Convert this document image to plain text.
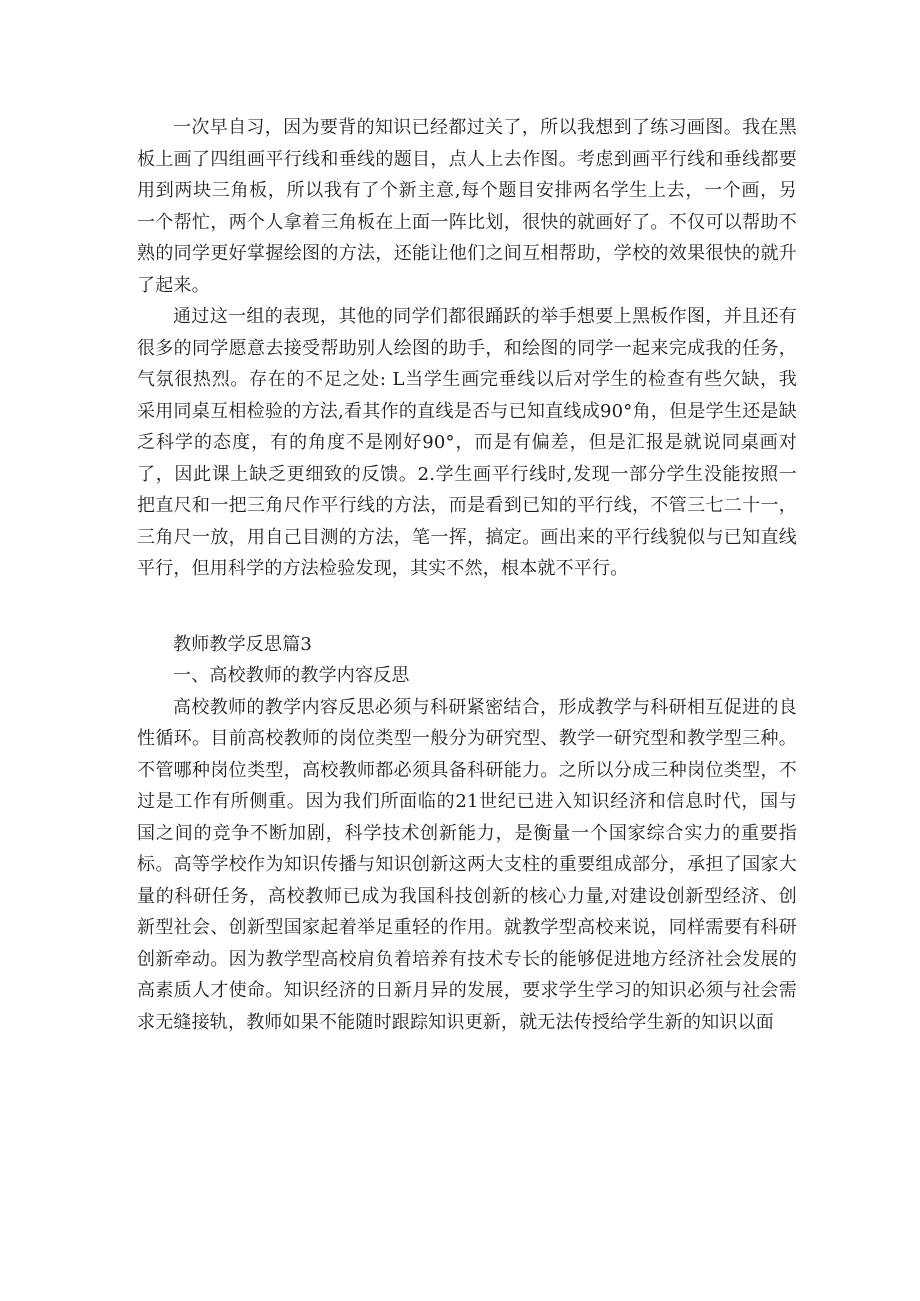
一次早自习，因为要背的知识已经都过关了，所以我想到了练习画图。我在黑板上画了四组画平行线和垂线的题目，点人上去作图。考虑到画平行线和垂线都要用到两块三角板，所以我有了个新主意,每个题目安排两名学生上去，一个画，另一个帮忙，两个人拿着三角板在上面一阵比划，很快的就画好了。不仅可以帮助不熟的同学更好掌握绘图的方法，还能让他们之间互相帮助，学校的效果很快的就升了起来。

通过这一组的表现，其他的同学们都很踊跃的举手想要上黑板作图，并且还有很多的同学愿意去接受帮助别人绘图的助手，和绘图的同学一起来完成我的任务，气氛很热烈。存在的不足之处: L当学生画完垂线以后对学生的检查有些欠缺，我采用同桌互相检验的方法,看其作的直线是否与已知直线成90°角，但是学生还是缺乏科学的态度，有的角度不是刚好90°，而是有偏差，但是汇报是就说同桌画对了，因此课上缺乏更细致的反馈。2.学生画平行线时,发现一部分学生没能按照一把直尺和一把三角尺作平行线的方法，而是看到已知的平行线，不管三七二十一，三角尺一放，用自己目测的方法，笔一挥，搞定。画出来的平行线貌似与已知直线平行，但用科学的方法检验发现，其实不然，根本就不平行。

教师教学反思篇3

一、高校教师的教学内容反思

高校教师的教学内容反思必须与科研紧密结合，形成教学与科研相互促进的良性循环。目前高校教师的岗位类型一般分为研究型、教学一研究型和教学型三种。不管哪种岗位类型，高校教师都必须具备科研能力。之所以分成三种岗位类型，不过是工作有所侧重。因为我们所面临的21世纪已进入知识经济和信息时代，国与国之间的竞争不断加剧，科学技术创新能力，是衡量一个国家综合实力的重要指标。高等学校作为知识传播与知识创新这两大支柱的重要组成部分，承担了国家大量的科研任务，高校教师已成为我国科技创新的核心力量,对建设创新型经济、创新型社会、创新型国家起着举足重轻的作用。就教学型高校来说，同样需要有科研创新牵动。因为教学型高校肩负着培养有技术专长的能够促进地方经济社会发展的高素质人才使命。知识经济的日新月异的发展，要求学生学习的知识必须与社会需求无缝接轨，教师如果不能随时跟踪知识更新，就无法传授给学生新的知识以面
